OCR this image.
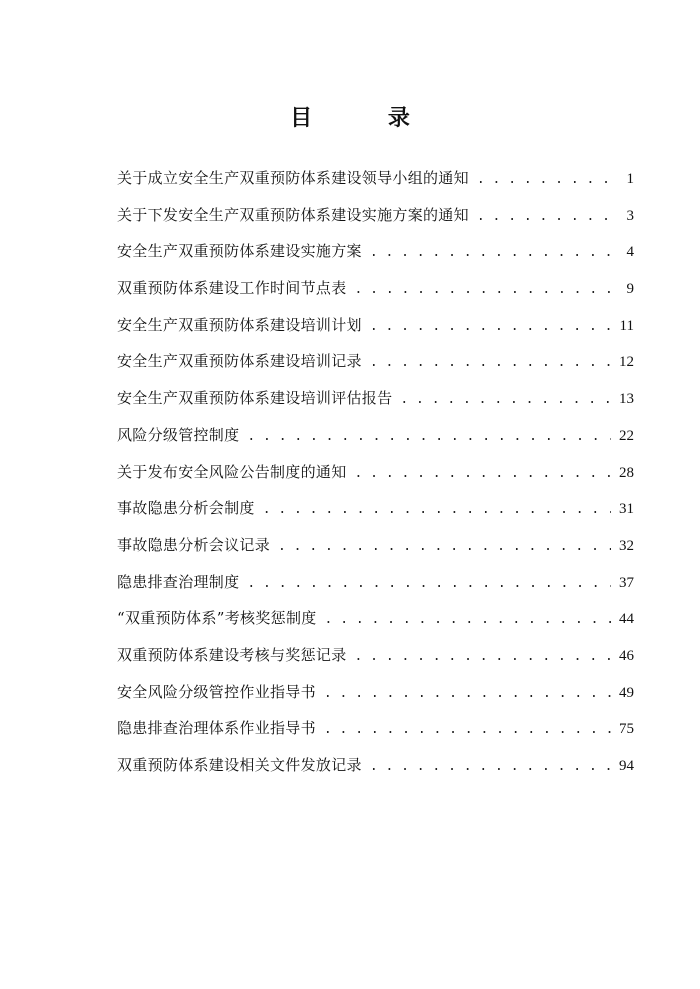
目 录
关于成立安全生产双重预防体系建设领导小组的通知 . . .	1
关于下发安全生产双重预防体系建设实施方案的通知 . . .	3
安全生产双重预防体系建设实施方案 . . .	4
双重预防体系建设工作时间节点表 . . .	9
安全生产双重预防体系建设培训计划 . . .	11
安全生产双重预防体系建设培训记录 . . .	12
安全生产双重预防体系建设培训评估报告 . . .	13
风险分级管控制度 . . .	22
关于发布安全风险公告制度的通知 . . .	28
事故隐患分析会制度 . . .	31
事故隐患分析会议记录 . . .	32
隐患排查治理制度 . . .	37
“双重预防体系”考核奖惩制度 . . .	44
双重预防体系建设考核与奖惩记录 . . .	46
安全风险分级管控作业指导书 . . .	49
隐患排查治理体系作业指导书 . . .	75
双重预防体系建设相关文件发放记录 . . .	94
